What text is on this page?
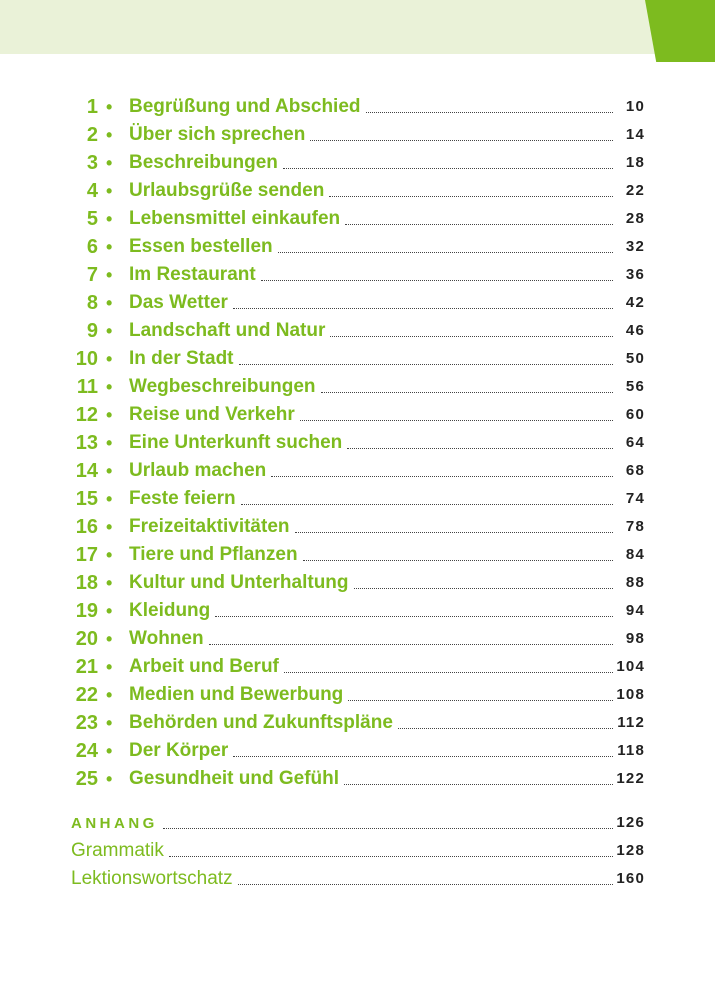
1 • Begrüßung und Abschied	10
2 • Über sich sprechen	14
3 • Beschreibungen	18
4 • Urlaubsgrüße senden	22
5 • Lebensmittel einkaufen	28
6 • Essen bestellen	32
7 • Im Restaurant	36
8 • Das Wetter	42
9 • Landschaft und Natur	46
10 • In der Stadt	50
11 • Wegbeschreibungen	56
12 • Reise und Verkehr	60
13 • Eine Unterkunft suchen	64
14 • Urlaub machen	68
15 • Feste feiern	74
16 • Freizeitaktivitäten	78
17 • Tiere und Pflanzen	84
18 • Kultur und Unterhaltung	88
19 • Kleidung	94
20 • Wohnen	98
21 • Arbeit und Beruf	104
22 • Medien und Bewerbung	108
23 • Behörden und Zukunftspläne	112
24 • Der Körper	118
25 • Gesundheit und Gefühl	122
ANHANG	126
Grammatik	128
Lektionswortschatz	160
